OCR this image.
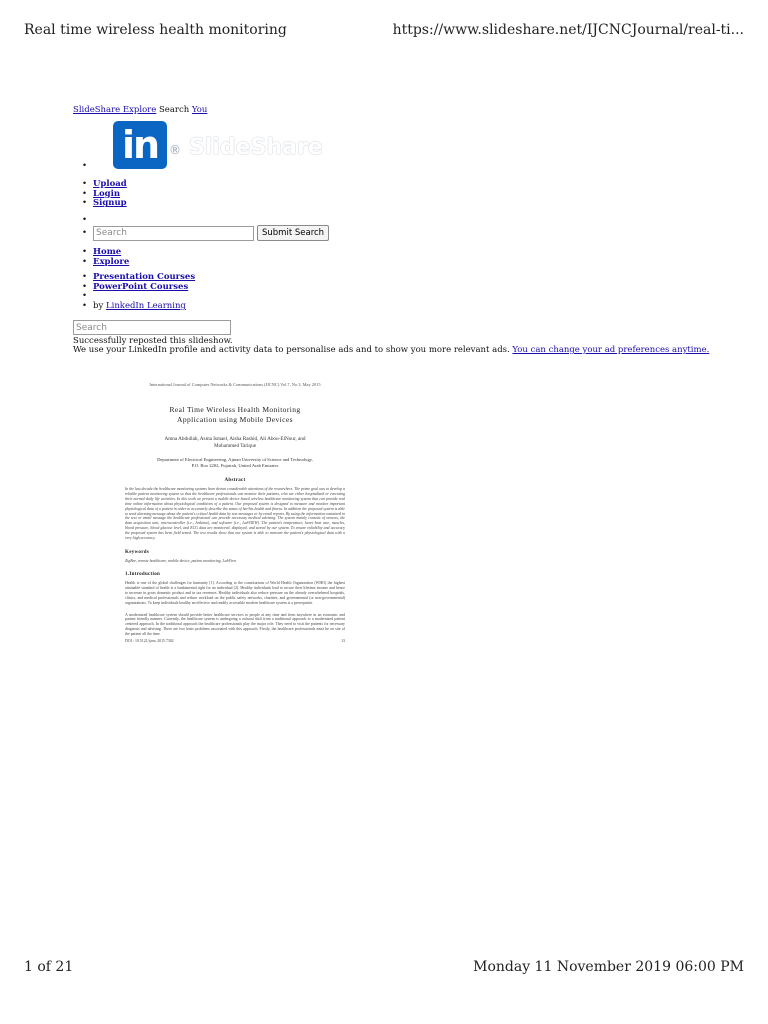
Real time wireless health monitoring	https://www.slideshare.net/IJCNCJournal/real-ti...
SlideShare Explore Search You
• in ® SlideShare
• Upload
• Login
• Signup
•
•
Search	Submit Search
• Home
• Explore
• Presentation Courses
• PowerPoint Courses
•
• by LinkedIn Learning
Search
Successfully reposted this slideshow.
We use your LinkedIn profile and activity data to personalise ads and to show you more relevant ads. You can change your ad preferences anytime.
International Journal of Computer Networks & Communications (IJCNC) Vol.7, No.3, May 2015
Real Time Wireless Health Monitoring
Application using Mobile Devices
Amna Abdullah, Asma Ismael, Aisha Rashid, Ali Abou-ElNour, and
Mohammed Tarique
Department of Electrical Engineering, Ajman University of Science and Technology,
P.O. Box 2202, Fujairah, United Arab Emirates
Abstract
In the last decade the healthcare monitoring systems have drawn considerable attentions of the researchers. The prime goal was to develop a reliable patient monitoring system so that the healthcare professionals can monitor their patients, who are either hospitalized or executing their normal daily life activities. In this work we present a mobile device based wireless healthcare monitoring system that can provide real time online information about physiological conditions of a patient. Our proposed system is designed to measure and monitor important physiological data of a patient in order to accurately describe the status of her/his health and fitness. In addition the proposed system is able to send alarming message about the patient's critical health data by text messages or by email reports. By using the information contained in the text or email message the healthcare professional can provide necessary medical advising. The system mainly consists of sensors, the data acquisition unit, microcontroller (i.e., Arduino), and software (i.e., LabVIEW). The patient's temperature, heart beat rate, muscles, blood pressure, blood glucose level, and ECG data are monitored, displayed, and stored by our system. To ensure reliability and accuracy the proposed system has been field tested. The test results show that our system is able to measure the patient's physiological data with a very high accuracy.
Keywords
ZigBee, remote healthcare, mobile device, patient monitoring, LabView
1.Introduction
Health is one of the global challenges for humanity [1]. According to the constitutions of World Health Organization (WHO) the highest attainable standard of health is a fundamental right for an individual [2]. Healthy individuals lead to secure their lifetime income and hence to increase in gross domestic product and in tax revenues. Healthy individuals also reduce pressure on the already overwhelmed hospitals, clinics, and medical professionals and reduce workload on the public safety networks, charities, and governmental (or non-governmental) organizations. To keep individuals healthy an effective and readily accessible modern healthcare system is a prerequisite.
A modernized healthcare system should provide better healthcare services to people at any time and from anywhere in an economic and patient friendly manner. Currently, the healthcare system is undergoing a cultural shift from a traditional approach to a modernized patient centered approach. In the traditional approach the healthcare professionals play the major role. They need to visit the patients for necessary diagnosis and advising. There are two basic problems associated with this approach. Firstly, the healthcare professionals must be on site of the patient all the time
DOI : 10.5121/ijcnc.2015.7302	13
1 of 21	Monday 11 November 2019 06:00 PM
